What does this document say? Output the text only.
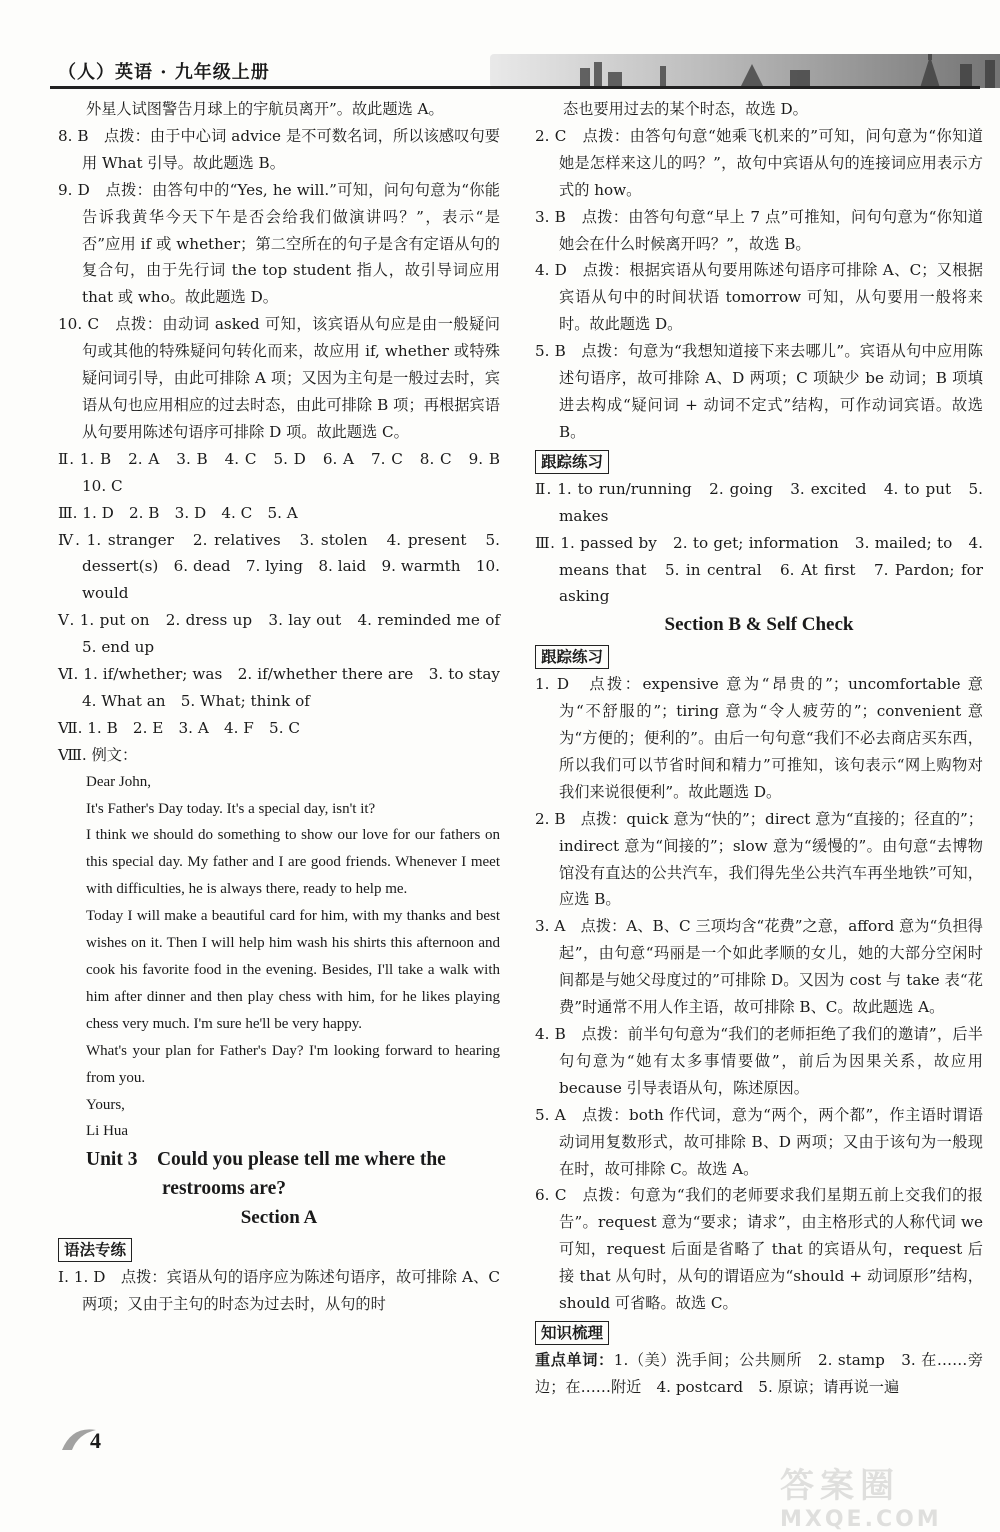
（人）英语 · 九年级上册

外星人试图警告月球上的宇航员离开”。故此题选 A。

8. B　点拨：由于中心词 advice 是不可数名词，所以该感叹句要用 What 引导。故此题选 B。

9. D　点拨：由答句中的“Yes, he will.”可知，问句句意为“你能告诉我黄华今天下午是否会给我们做演讲吗？”，表示“是否”应用 if 或 whether；第二空所在的句子是含有定语从句的复合句，由于先行词 the top student 指人，故引导词应用 that 或 who。故此题选 D。

10. C　点拨：由动词 asked 可知，该宾语从句应是由一般疑问句或其他的特殊疑问句转化而来，故应用 if, whether 或特殊疑问词引导，由此可排除 A 项；又因为主句是一般过去时，宾语从句也应用相应的过去时态，由此可排除 B 项；再根据宾语从句要用陈述句语序可排除 D 项。故此题选 C。

Ⅱ. 1. B　2. A　3. B　4. C　5. D　6. A　7. C　8. C　9. B　10. C

Ⅲ. 1. D　2. B　3. D　4. C　5. A

Ⅳ. 1. stranger　2. relatives　3. stolen　4. present　5. dessert(s)　6. dead　7. lying　8. laid　9. warmth　10. would

Ⅴ. 1. put on　2. dress up　3. lay out　4. reminded me of　5. end up

Ⅵ. 1. if/whether; was　2. if/whether there are　3. to stay　4. What an　5. What; think of

Ⅶ. 1. B　2. E　3. A　4. F　5. C

Ⅷ. 例文：

Dear John,

It's Father's Day today. It's a special day, isn't it?

I think we should do something to show our love for our fathers on this special day. My father and I are good friends. Whenever I meet with difficulties, he is always there, ready to help me.

Today I will make a beautiful card for him, with my thanks and best wishes on it. Then I will help him wash his shirts this afternoon and cook his favorite food in the evening. Besides, I'll take a walk with him after dinner and then play chess with him, for he likes playing chess very much. I'm sure he'll be very happy.

What's your plan for Father's Day? I'm looking forward to hearing from you.

Yours,

Li Hua

Unit 3　Could you please tell me where the
restrooms are?
Section A
语法专练

Ⅰ. 1. D　点拨：宾语从句的语序应为陈述句语序，故可排除 A、C 两项；又由于主句的时态为过去时，从句的时

态也要用过去的某个时态，故选 D。

2. C　点拨：由答句句意“她乘飞机来的”可知，问句意为“你知道她是怎样来这儿的吗？”，故句中宾语从句的连接词应用表示方式的 how。

3. B　点拨：由答句句意“早上 7 点”可推知，问句句意为“你知道她会在什么时候离开吗？”，故选 B。

4. D　点拨：根据宾语从句要用陈述句语序可排除 A、C；又根据宾语从句中的时间状语 tomorrow 可知，从句要用一般将来时。故此题选 D。

5. B　点拨：句意为“我想知道接下来去哪儿”。宾语从句中应用陈述句语序，故可排除 A、D 两项；C 项缺少 be 动词；B 项填进去构成“疑问词 + 动词不定式”结构，可作动词宾语。故选 B。

跟踪练习

Ⅱ. 1. to run/running　2. going　3. excited　4. to put　5. makes

Ⅲ. 1. passed by　2. to get; information　3. mailed; to　4. means that　5. in central　6. At first　7. Pardon; for asking

Section B & Self Check
跟踪练习

1. D　点拨：expensive 意为“昂贵的”；uncomfortable 意为“不舒服的”；tiring 意为“令人疲劳的”；convenient 意为“方便的；便利的”。由后一句句意“我们不必去商店买东西，所以我们可以节省时间和精力”可推知，该句表示“网上购物对我们来说很便利”。故此题选 D。

2. B　点拨：quick 意为“快的”；direct 意为“直接的；径直的”；indirect 意为“间接的”；slow 意为“缓慢的”。由句意“去博物馆没有直达的公共汽车，我们得先坐公共汽车再坐地铁”可知，应选 B。

3. A　点拨：A、B、C 三项均含“花费”之意，afford 意为“负担得起”，由句意“玛丽是一个如此孝顺的女儿，她的大部分空闲时间都是与她父母度过的”可排除 D。又因为 cost 与 take 表“花费”时通常不用人作主语，故可排除 B、C。故此题选 A。

4. B　点拨：前半句句意为“我们的老师拒绝了我们的邀请”，后半句句意为“她有太多事情要做”，前后为因果关系，故应用 because 引导表语从句，陈述原因。

5. A　点拨：both 作代词，意为“两个，两个都”，作主语时谓语动词用复数形式，故可排除 B、D 两项；又由于该句为一般现在时，故可排除 C。故选 A。

6. C　点拨：句意为“我们的老师要求我们星期五前上交我们的报告”。request 意为“要求；请求”，由主格形式的人称代词 we 可知，request 后面是省略了 that 的宾语从句，request 后接 that 从句时，从句的谓语应为“should + 动词原形”结构，should 可省略。故选 C。

知识梳理

重点单词：1.（美）洗手间；公共厕所　2. stamp　3. 在……旁边；在……附近　4. postcard　5. 原谅；请再说一遍

4
答案圈
MXQE.COM
